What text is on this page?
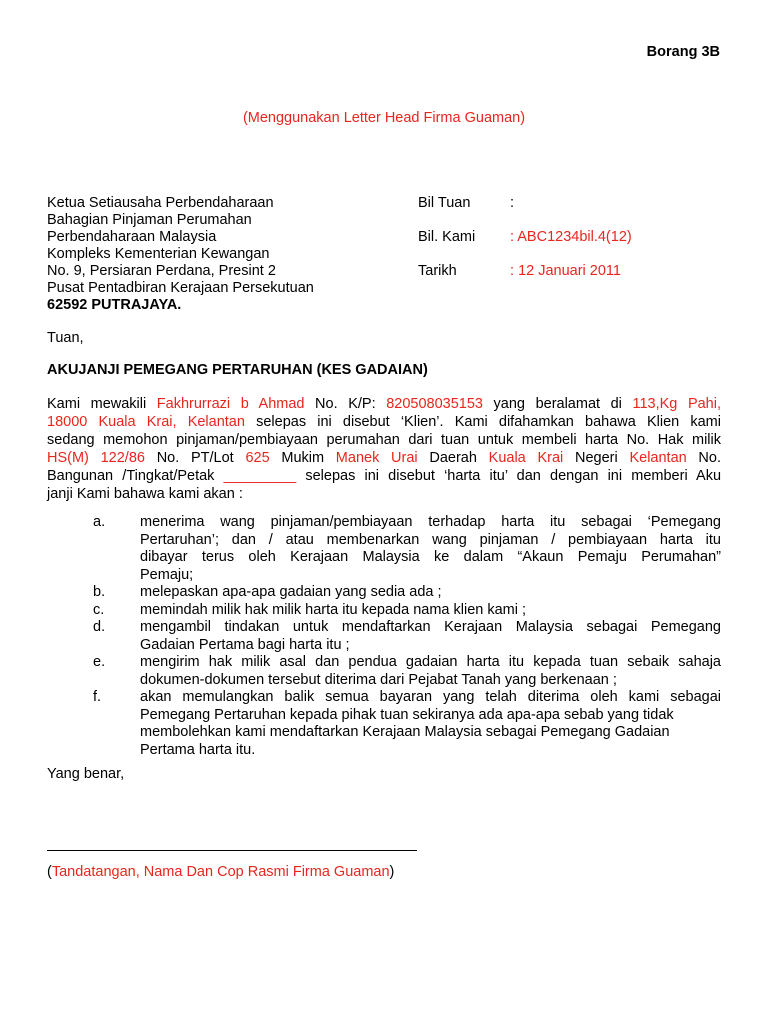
Borang 3B
(Menggunakan Letter Head Firma Guaman)
Ketua Setiausaha Perbendaharaan
Bahagian Pinjaman Perumahan
Perbendaharaan Malaysia
Kompleks Kementerian Kewangan
No. 9, Persiaran Perdana, Presint 2
Pusat Pentadbiran Kerajaan Persekutuan
62592 PUTRAJAYA.
Bil Tuan	:
Bil. Kami : ABC1234bil.4(12)
Tarikh	: 12 Januari 2011
Tuan,
AKUJANJI PEMEGANG PERTARUHAN (KES GADAIAN)
Kami mewakili Fakhrurrazi b Ahmad No. K/P: 820508035153 yang beralamat di 113,Kg Pahi,
18000 Kuala Krai, Kelantan selepas ini disebut ‘Klien’. Kami difahamkan bahawa Klien kami
sedang memohon pinjaman/pembiayaan perumahan dari tuan untuk membeli harta No. Hak milik
HS(M) 122/86 No. PT/Lot 625 Mukim Manek Urai Daerah Kuala Krai Negeri Kelantan No.
Bangunan /Tingkat/Petak _________ selepas ini disebut ‘harta itu’ dan dengan ini memberi Aku
janji Kami bahawa kami akan :
a. menerima wang pinjaman/pembiayaan terhadap harta itu sebagai ‘Pemegang
Pertaruhan’; dan / atau membenarkan wang pinjaman / pembiayaan harta itu
dibayar terus oleh Kerajaan Malaysia ke dalam “Akaun Pemaju Perumahan”
Pemaju;
b. melepaskan apa-apa gadaian yang sedia ada ;
c. memindah milik hak milik harta itu kepada nama klien kami ;
d. mengambil tindakan untuk mendaftarkan Kerajaan Malaysia sebagai Pemegang
Gadaian Pertama bagi harta itu ;
e. mengirim hak milik asal dan pendua gadaian harta itu kepada tuan sebaik sahaja
dokumen-dokumen tersebut diterima dari Pejabat Tanah yang berkenaan ;
f.	akan memulangkan balik semua bayaran yang telah diterima oleh kami sebagai
Pemegang Pertaruhan kepada pihak tuan sekiranya ada apa-apa sebab yang tidak
membolehkan kami mendaftarkan Kerajaan Malaysia sebagai Pemegang Gadaian
Pertama harta itu.
Yang benar,
(Tandatangan, Nama Dan Cop Rasmi Firma Guaman)
